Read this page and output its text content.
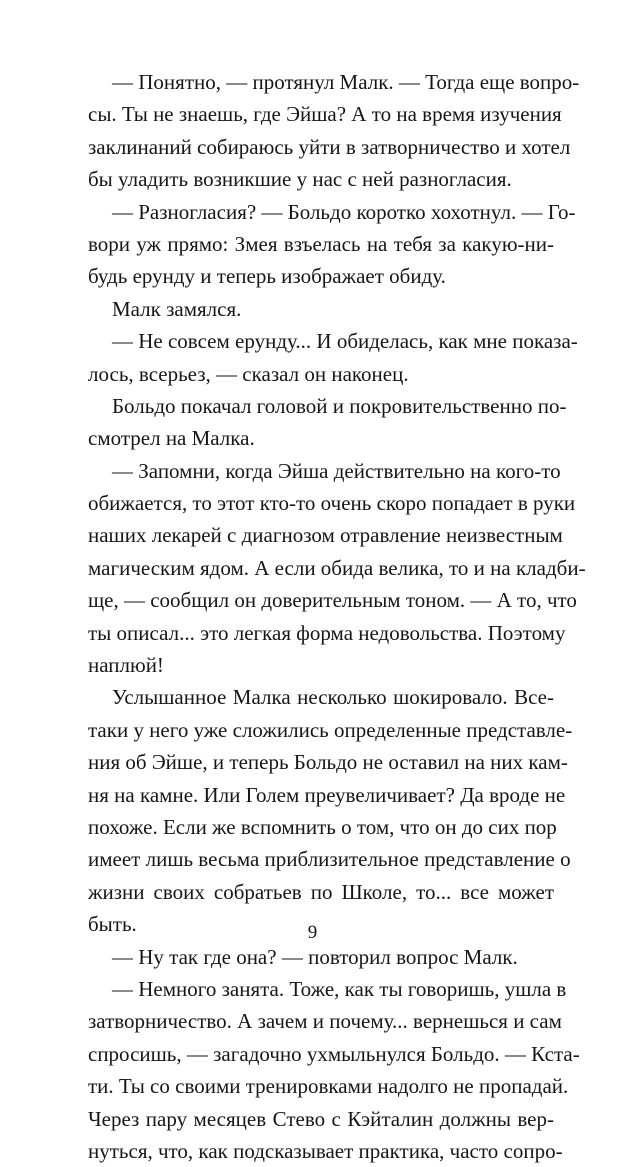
— Понятно, — протянул Малк. — Тогда еще вопро-
сы. Ты не знаешь, где Эйша? А то на время изучения
заклинаний собираюсь уйти в затворничество и хотел
бы уладить возникшие у нас с ней разногласия.
— Разногласия? — Больдо коротко хохотнул. — Го-
вори уж прямо: Змея взъелась на тебя за какую-ни-
будь ерунду и теперь изображает обиду.
Малк замялся.
— Не совсем ерунду... И обиделась, как мне показа-
лось, всерьез, — сказал он наконец.
Больдо покачал головой и покровительственно по-
смотрел на Малка.
— Запомни, когда Эйша действительно на кого-то
обижается, то этот кто-то очень скоро попадает в руки
наших лекарей с диагнозом отравление неизвестным
магическим ядом. А если обида велика, то и на кладби-
ще, — сообщил он доверительным тоном. — А то, что
ты описал... это легкая форма недовольства. Поэтому
наплюй!
Услышанное Малка несколько шокировало. Все-
таки у него уже сложились определенные представле-
ния об Эйше, и теперь Больдо не оставил на них кам-
ня на камне. Или Голем преувеличивает? Да вроде не
похоже. Если же вспомнить о том, что он до сих пор
имеет лишь весьма приблизительное представление о
жизни своих собратьев по Школе, то... все может
быть.
— Ну так где она? — повторил вопрос Малк.
— Немного занята. Тоже, как ты говоришь, ушла в
затворничество. А зачем и почему... вернешься и сам
спросишь, — загадочно ухмыльнулся Больдо. — Кста-
ти. Ты со своими тренировками надолго не пропадай.
Через пару месяцев Стево с Кэйталин должны вер-
нуться, что, как подсказывает практика, часто сопро-
9
